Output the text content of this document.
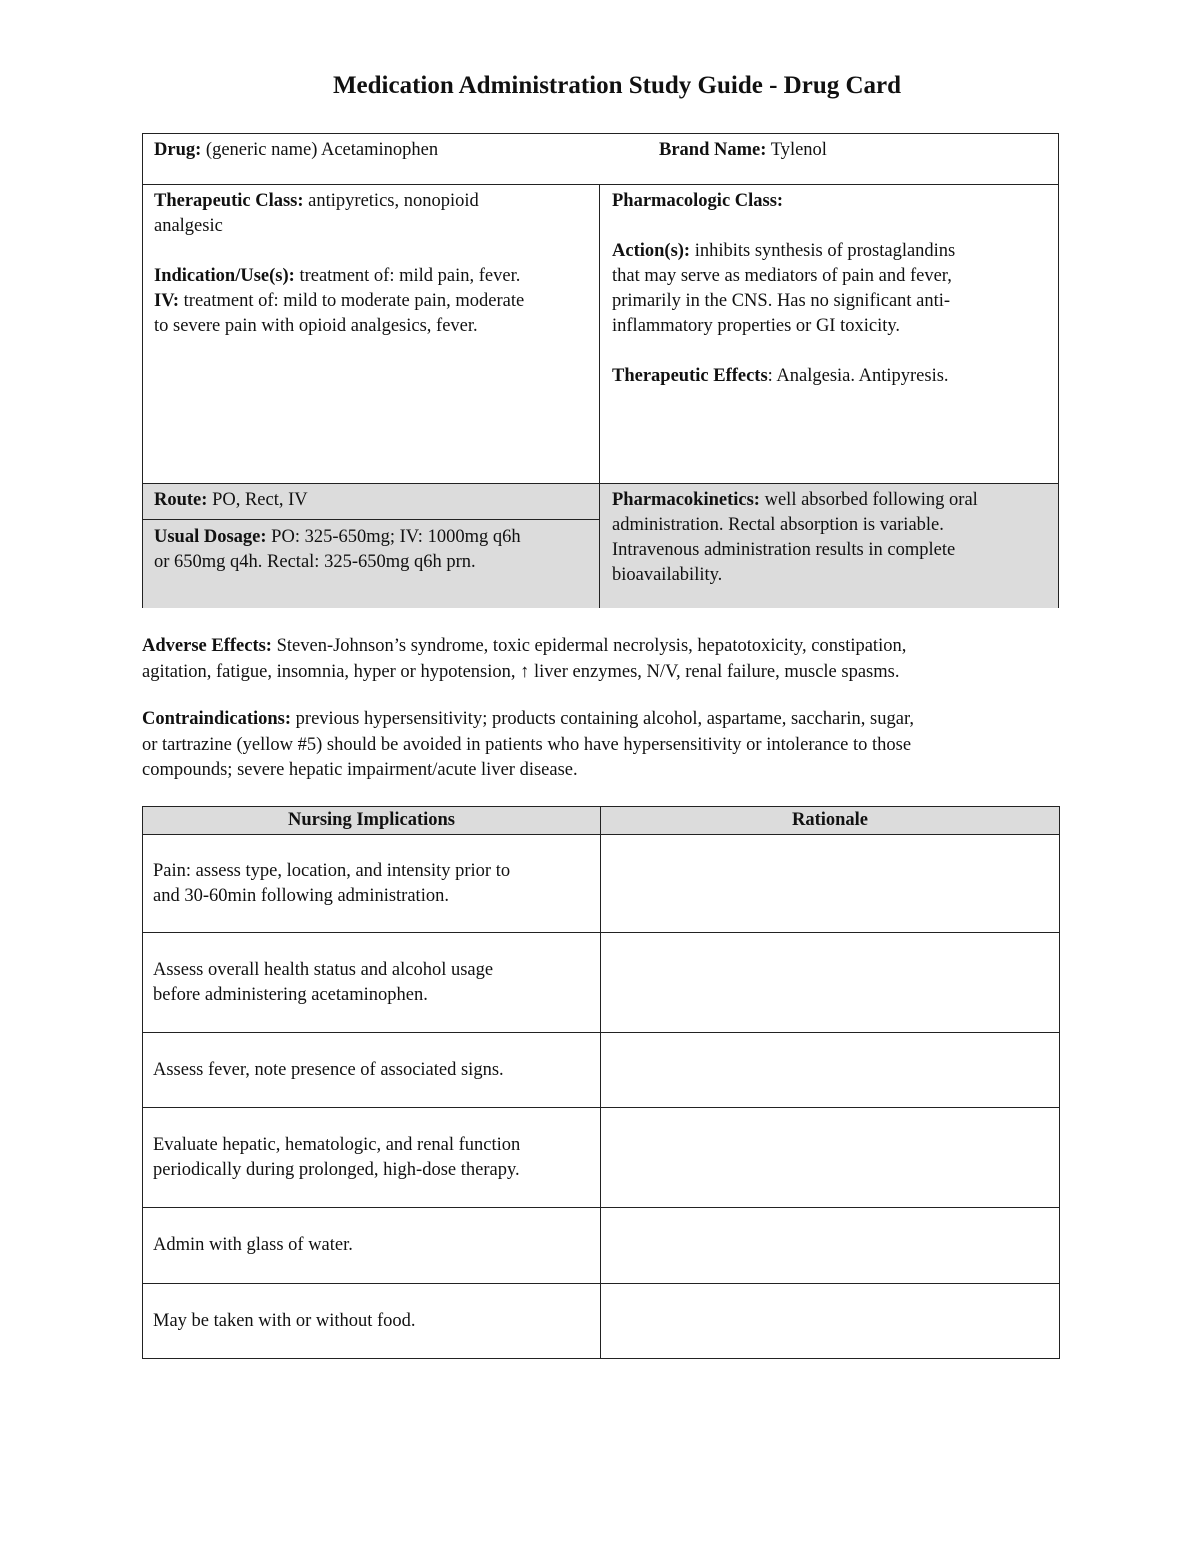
Medication Administration Study Guide - Drug Card
Drug: (generic name) Acetaminophen	Brand Name: Tylenol
Therapeutic Class: antipyretics, nonopioid
analgesic

Indication/Use(s): treatment of: mild pain, fever.
IV: treatment of: mild to moderate pain, moderate
to severe pain with opioid analgesics, fever.
Pharmacologic Class:

Action(s): inhibits synthesis of prostaglandins
that may serve as mediators of pain and fever,
primarily in the CNS. Has no significant anti-
inflammatory properties or GI toxicity.

Therapeutic Effects: Analgesia. Antipyresis.
Route: PO, Rect, IV
Usual Dosage: PO: 325-650mg; IV: 1000mg q6h
or 650mg q4h. Rectal: 325-650mg q6h prn.
Pharmacokinetics: well absorbed following oral
administration. Rectal absorption is variable.
Intravenous administration results in complete
bioavailability.
Adverse Effects: Steven-Johnson’s syndrome, toxic epidermal necrolysis, hepatotoxicity, constipation,
agitation, fatigue, insomnia, hyper or hypotension, ↑ liver enzymes, N/V, renal failure, muscle spasms.
Contraindications: previous hypersensitivity; products containing alcohol, aspartame, saccharin, sugar,
or tartrazine (yellow #5) should be avoided in patients who have hypersensitivity or intolerance to those
compounds; severe hepatic impairment/acute liver disease.
Nursing Implications	Rationale

Pain: assess type, location, and intensity prior to
and 30-60min following administration.	

Assess overall health status and alcohol usage
before administering acetaminophen.	

Assess fever, note presence of associated signs.	

Evaluate hepatic, hematologic, and renal function
periodically during prolonged, high-dose therapy.	

Admin with glass of water.	

May be taken with or without food.	
